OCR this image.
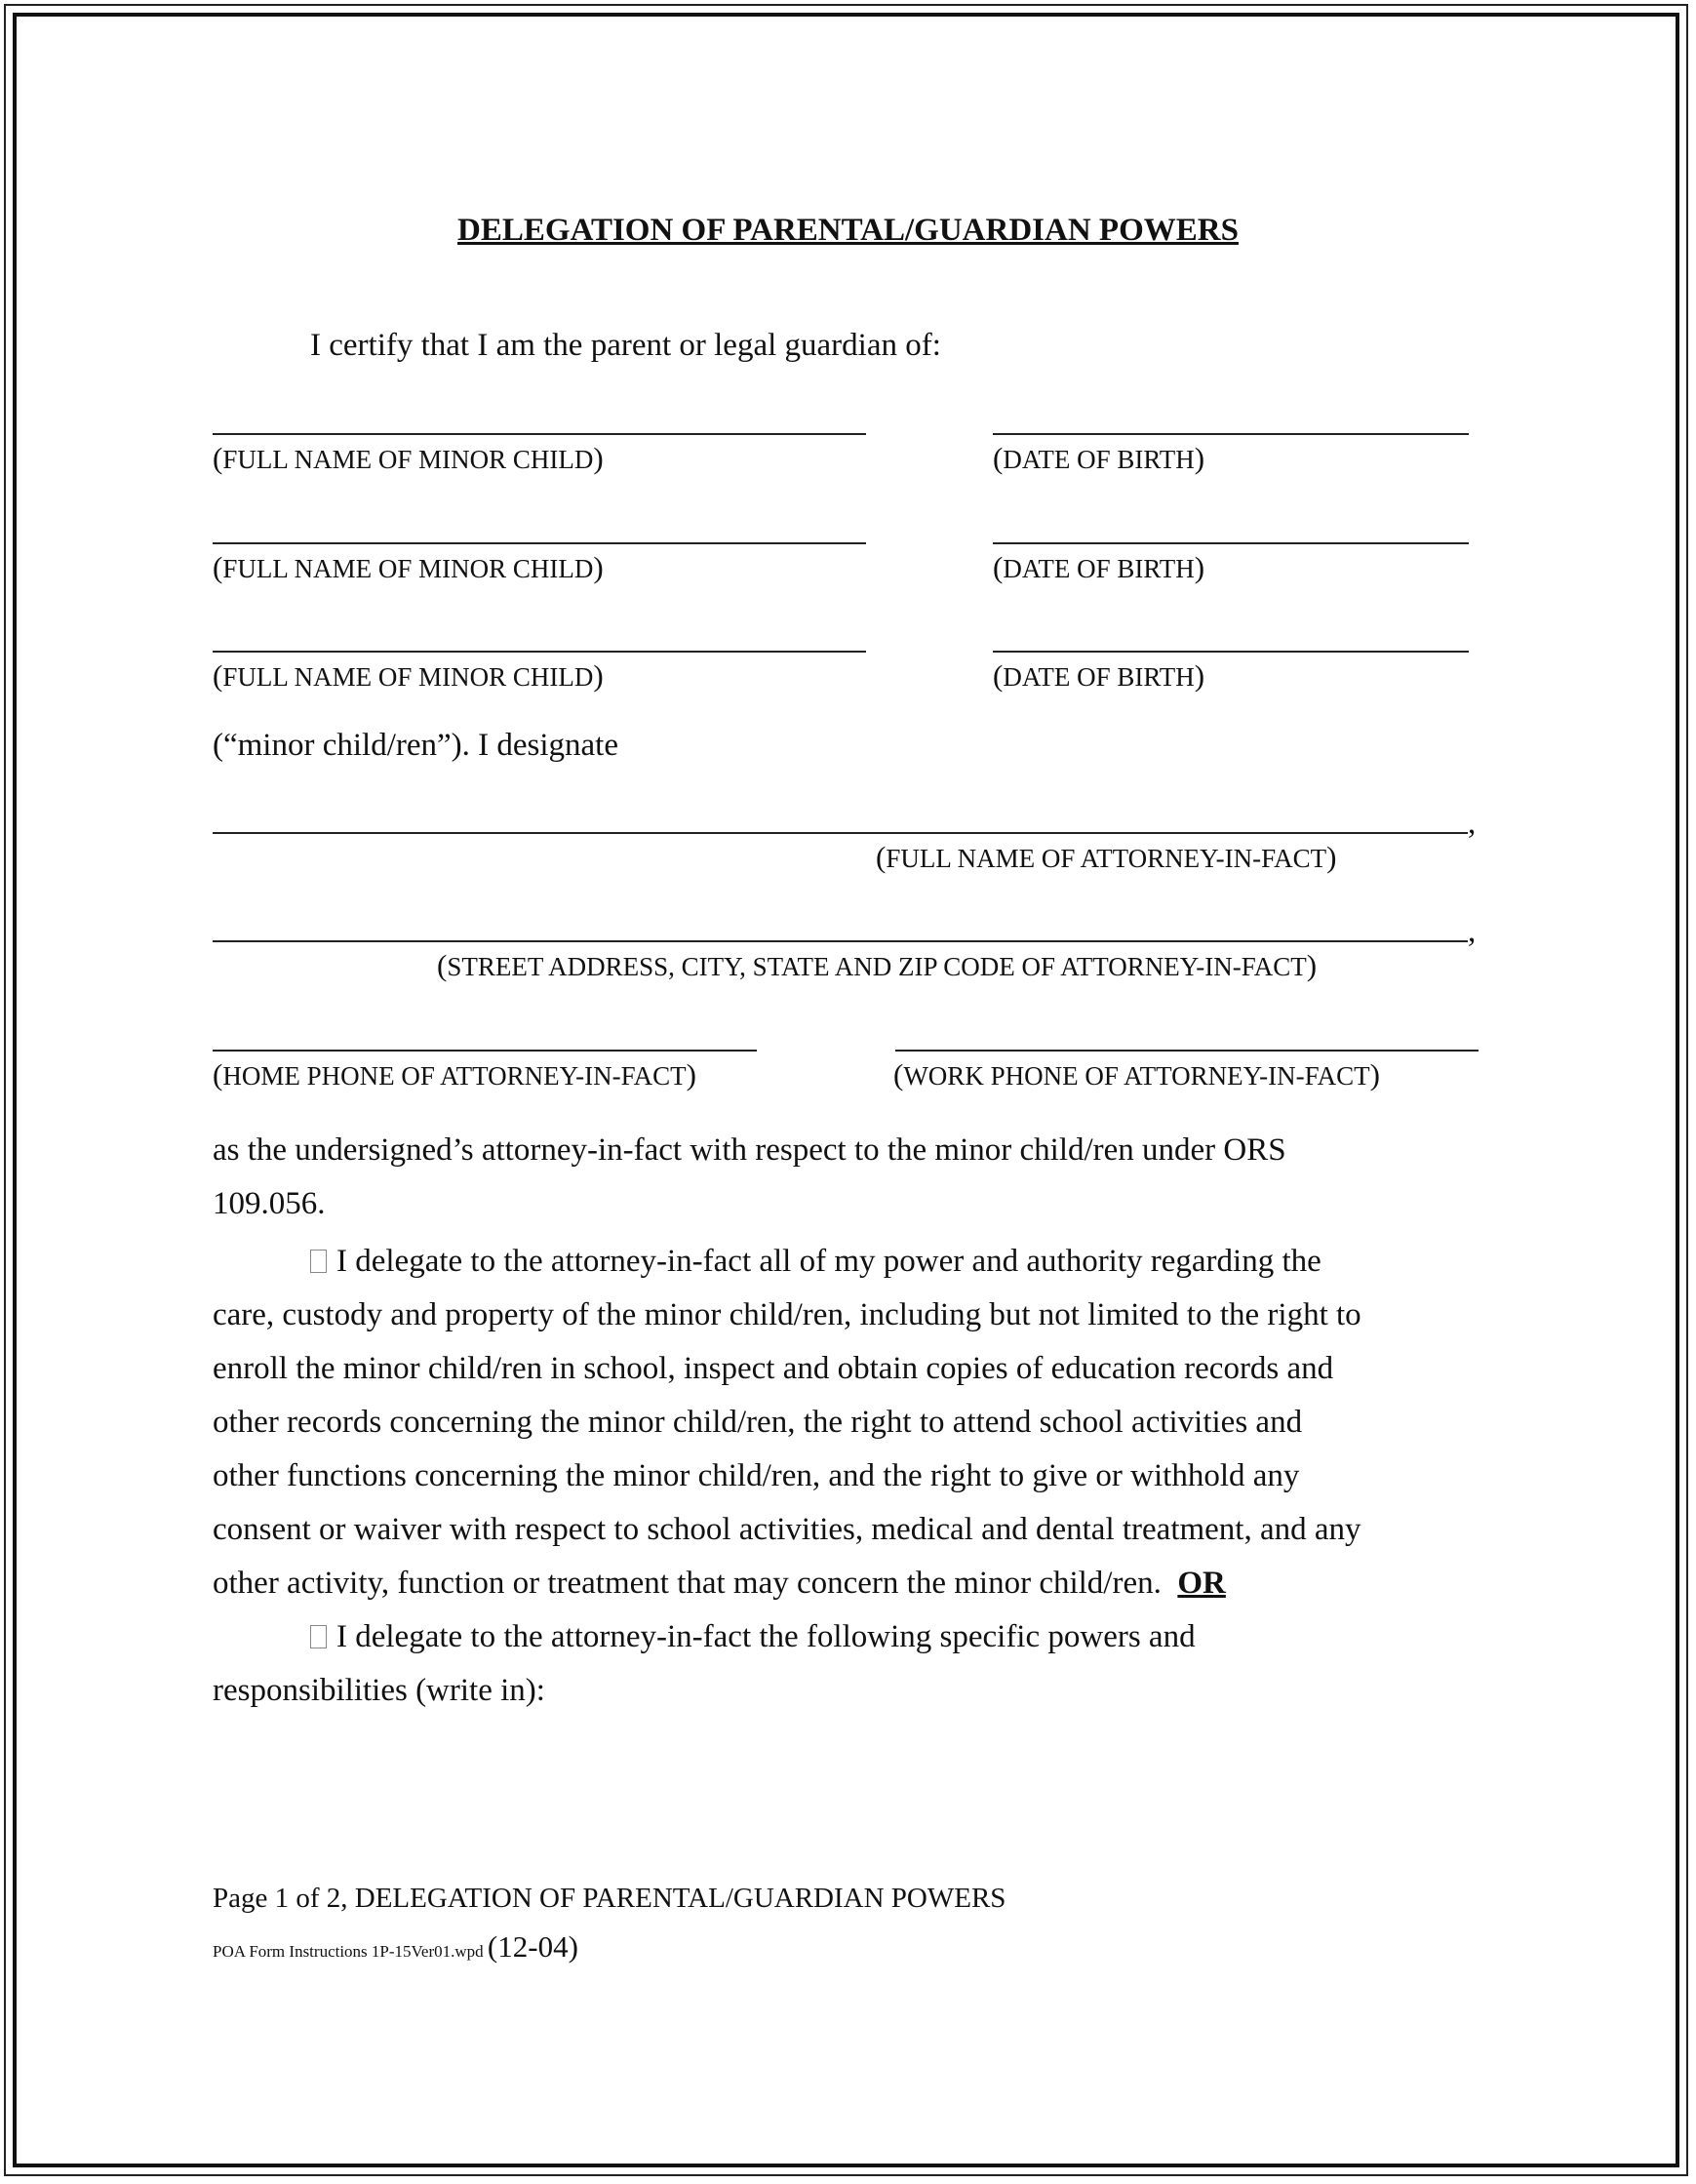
DELEGATION OF PARENTAL/GUARDIAN POWERS
I certify that I am the parent or legal guardian of:
(FULL NAME OF MINOR CHILD)	(DATE OF BIRTH)
(FULL NAME OF MINOR CHILD)	(DATE OF BIRTH)
(FULL NAME OF MINOR CHILD)	(DATE OF BIRTH)
(“minor child/ren”). I designate
,
(FULL NAME OF ATTORNEY-IN-FACT)
,
(STREET ADDRESS, CITY, STATE AND ZIP CODE OF ATTORNEY-IN-FACT)
(HOME PHONE OF ATTORNEY-IN-FACT)	(WORK PHONE OF ATTORNEY-IN-FACT)
as the undersigned’s attorney-in-fact with respect to the minor child/ren under ORS
109.056.
I delegate to the attorney-in-fact all of my power and authority regarding the
care, custody and property of the minor child/ren, including but not limited to the right to
enroll the minor child/ren in school, inspect and obtain copies of education records and
other records concerning the minor child/ren, the right to attend school activities and
other functions concerning the minor child/ren, and the right to give or withhold any
consent or waiver with respect to school activities, medical and dental treatment, and any
other activity, function or treatment that may concern the minor child/ren. OR
I delegate to the attorney-in-fact the following specific powers and
responsibilities (write in):
Page 1 of 2, DELEGATION OF PARENTAL/GUARDIAN POWERS
POA Form Instructions 1P-15Ver01.wpd (12-04)
